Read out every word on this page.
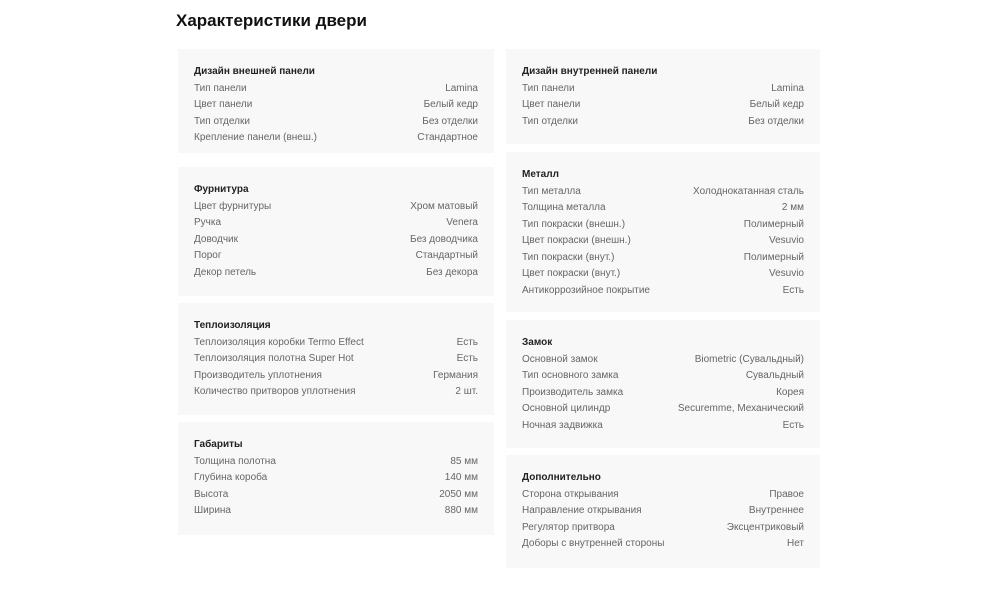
Характеристики двери
Дизайн внешней панели
Тип панели	Lamina
Цвет панели	Белый кедр
Тип отделки	Без отделки
Крепление панели (внеш.)	Стандартное
Дизайн внутренней панели
Тип панели	Lamina
Цвет панели	Белый кедр
Тип отделки	Без отделки
Фурнитура
Цвет фурнитуры	Хром матовый
Ручка	Venera
Доводчик	Без доводчика
Порог	Стандартный
Декор петель	Без декора
Металл
Тип металла	Холоднокатанная сталь
Толщина металла	2 мм
Тип покраски (внешн.)	Полимерный
Цвет покраски (внешн.)	Vesuvio
Тип покраски (внут.)	Полимерный
Цвет покраски (внут.)	Vesuvio
Антикоррозийное покрытие	Есть
Теплоизоляция
Теплоизоляция коробки Termo Effect	Есть
Теплоизоляция полотна Super Hot	Есть
Производитель уплотнения	Германия
Количество притворов уплотнения	2 шт.
Замок
Основной замок	Biometric (Сувальдный)
Тип основного замка	Сувальдный
Производитель замка	Корея
Основной цилиндр	Securemme, Механический
Ночная задвижка	Есть
Габариты
Толщина полотна	85 мм
Глубина короба	140 мм
Высота	2050 мм
Ширина	880 мм
Дополнительно
Сторона открывания	Правое
Направление открывания	Внутреннее
Регулятор притвора	Эксцентриковый
Доборы с внутренней стороны	Нет
